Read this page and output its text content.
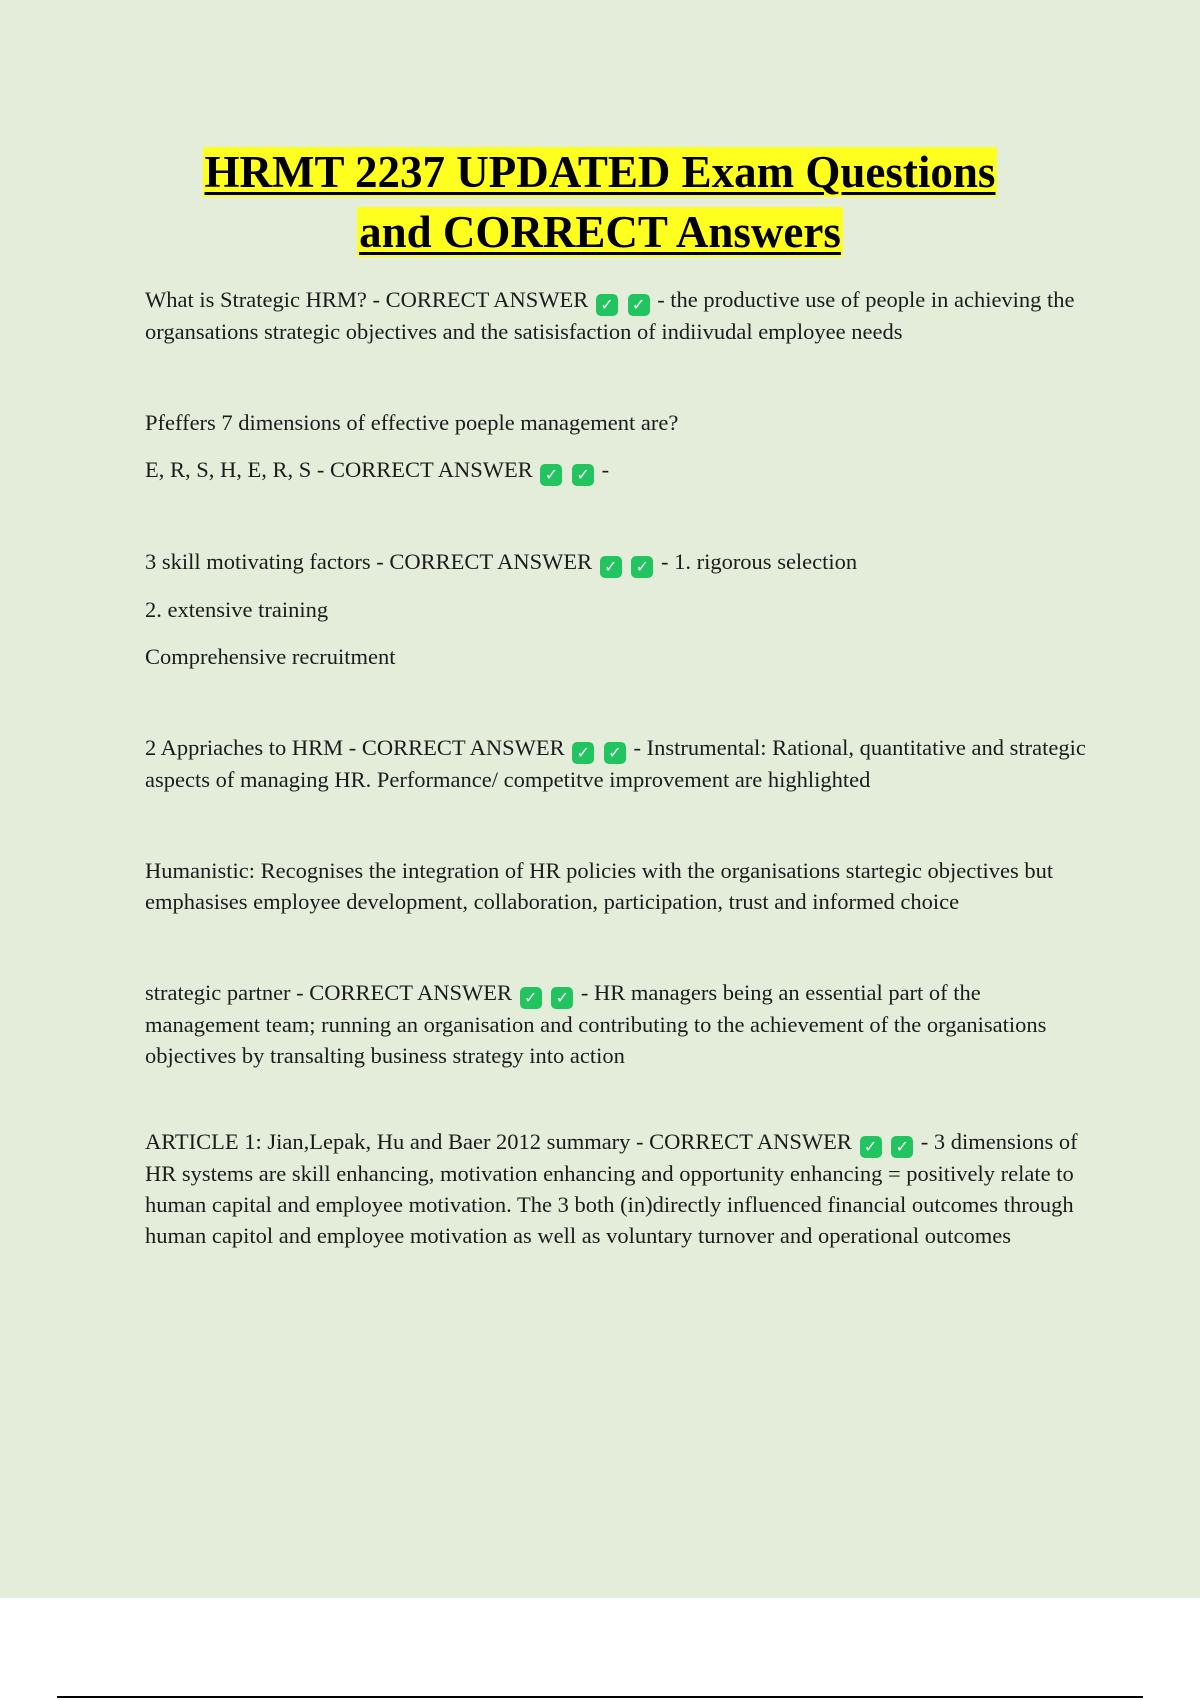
HRMT 2237 UPDATED Exam Questions
and CORRECT Answers

What is Strategic HRM? - CORRECT ANSWER ✓ ✓ - the productive use of people in achieving the organsations strategic objectives and the satisisfaction of indiivudal employee needs

Pfeffers 7 dimensions of effective poeple management are?

E, R, S, H, E, R, S - CORRECT ANSWER ✓ ✓ -

3 skill motivating factors - CORRECT ANSWER ✓ ✓ - 1. rigorous selection

2. extensive training

Comprehensive recruitment

2 Appriaches to HRM - CORRECT ANSWER ✓ ✓ - Instrumental: Rational, quantitative and strategic aspects of managing HR. Performance/ competitve improvement are highlighted

Humanistic: Recognises the integration of HR policies with the organisations startegic objectives but emphasises employee development, collaboration, participation, trust and informed choice

strategic partner - CORRECT ANSWER ✓ ✓ - HR managers being an essential part of the management team; running an organisation and contributing to the achievement of the organisations objectives by transalting business strategy into action

ARTICLE 1: Jian,Lepak, Hu and Baer 2012 summary - CORRECT ANSWER ✓ ✓ - 3 dimensions of HR systems are skill enhancing, motivation enhancing and opportunity enhancing = positively relate to human capital and employee motivation. The 3 both (in)directly influenced financial outcomes through human capitol and employee motivation as well as voluntary turnover and operational outcomes
